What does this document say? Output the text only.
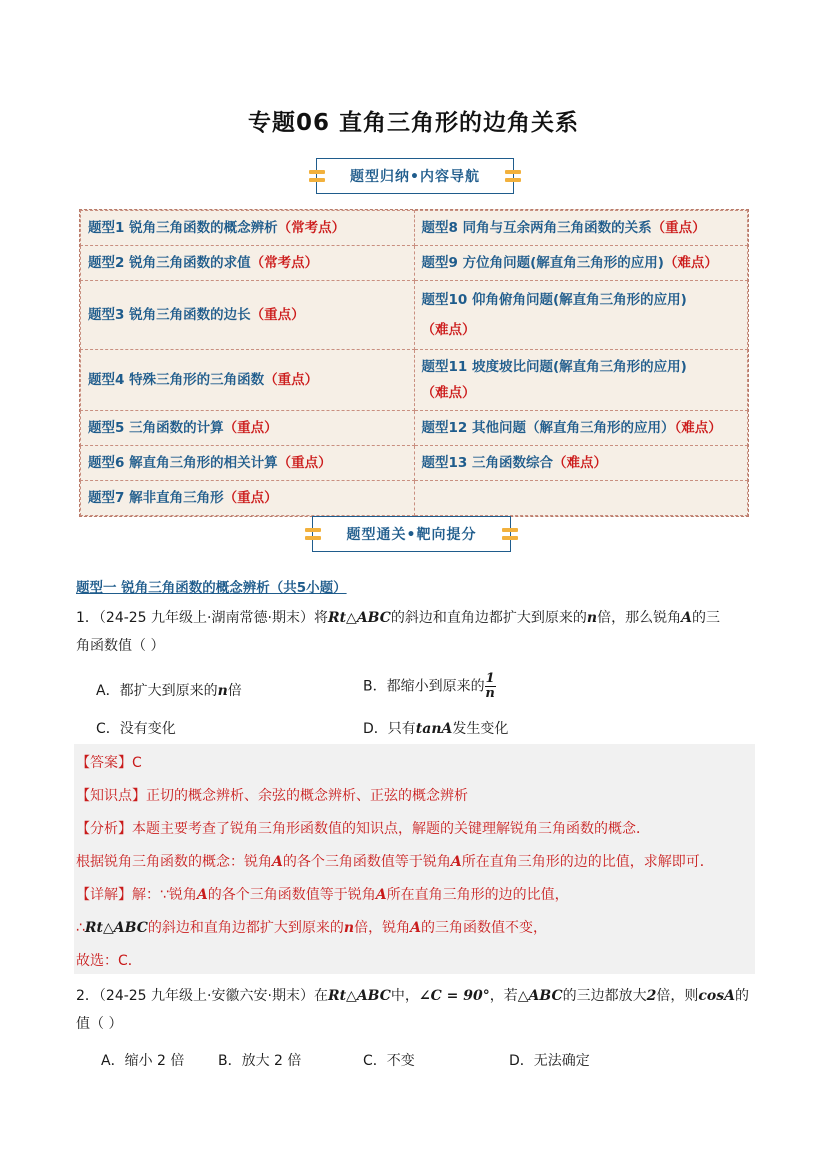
专题06 直角三角形的边角关系
题型归纳•内容导航
题型1 锐角三角函数的概念辨析（常考点）	题型8 同角与互余两角三角函数的关系（重点）
题型2 锐角三角函数的求值（常考点）	题型9 方位角问题(解直角三角形的应用)（难点）
题型3 锐角三角函数的边长（重点）	题型10 仰角俯角问题(解直角三角形的应用)（难点）
题型4 特殊三角形的三角函数（重点）	题型11 坡度坡比问题(解直角三角形的应用)（难点）
题型5 三角函数的计算（重点）	题型12 其他问题（解直角三角形的应用）（难点）
题型6 解直角三角形的相关计算（重点）	题型13 三角函数综合（难点）
题型7 解非直角三角形（重点）	
题型通关•靶向提分
题型一 锐角三角函数的概念辨析（共5小题）
1．（24-25 九年级上·湖南常德·期末）将Rt△ABC的斜边和直角边都扩大到原来的n倍，那么锐角A的三
角函数值（ ）
A．都扩大到原来的n倍	B．都缩小到原来的 $\frac{1}{n}$
C．没有变化	D．只有tanA发生变化
【答案】C
【知识点】正切的概念辨析、余弦的概念辨析、正弦的概念辨析
【分析】本题主要考查了锐角三角形函数值的知识点，解题的关键理解锐角三角函数的概念．
根据锐角三角函数的概念：锐角A的各个三角函数值等于锐角A所在直角三角形的边的比值，求解即可．
【详解】解：∵锐角A的各个三角函数值等于锐角A所在直角三角形的边的比值，
∴Rt△ABC的斜边和直角边都扩大到原来的n倍，锐角A的三角函数值不变，
故选：C．
2．（24-25 九年级上·安徽六安·期末）在Rt△ABC中，∠C = 90°，若△ABC的三边都放大2倍，则cosA的
值（ ）
A．缩小 2 倍 B．放大 2 倍	C．不变	D．无法确定
